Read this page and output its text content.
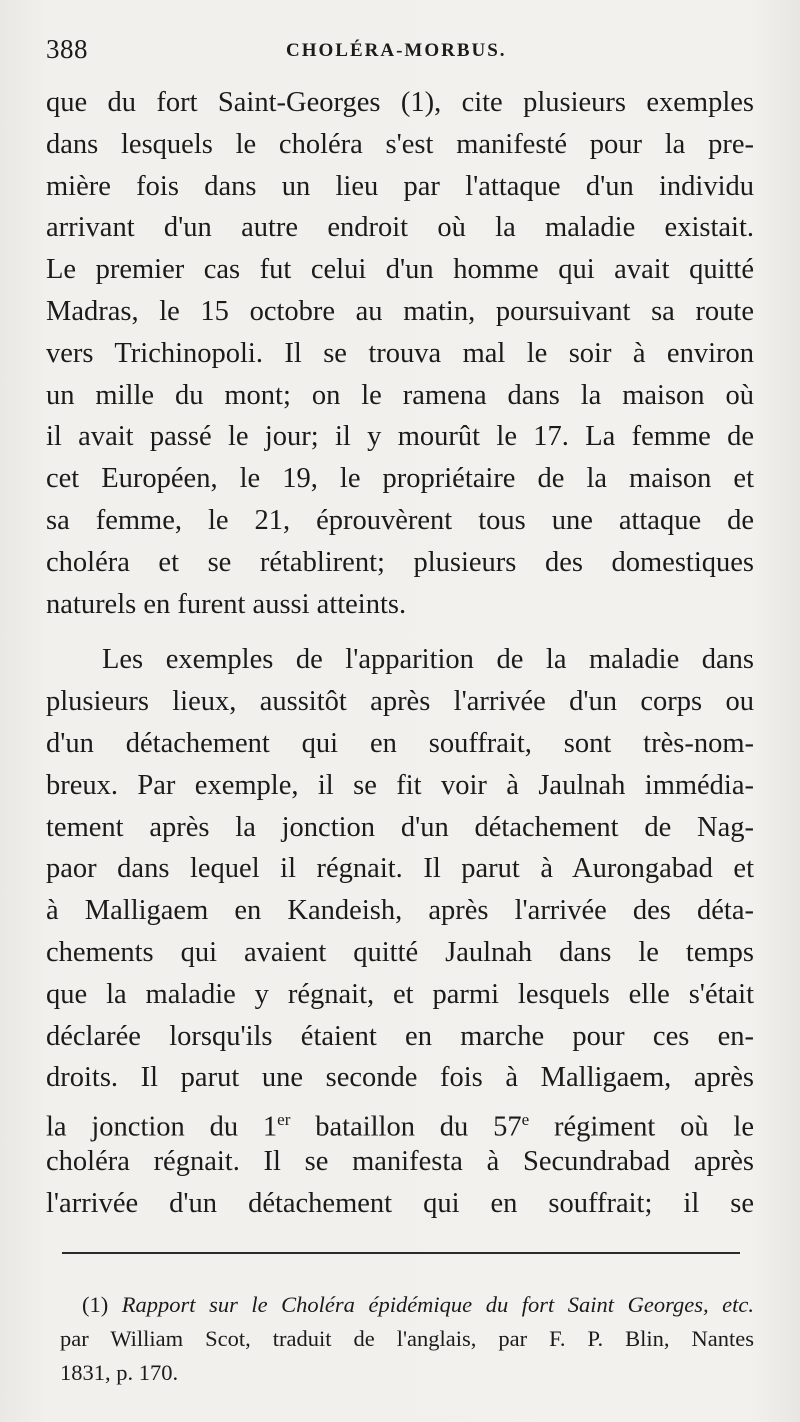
388	CHOLÉRA-MORBUS.
que du fort Saint-Georges (1), cite plusieurs exemples
dans lesquels le choléra s'est manifesté pour la pre-
mière fois dans un lieu par l'attaque d'un individu
arrivant d'un autre endroit où la maladie existait.
Le premier cas fut celui d'un homme qui avait quitté
Madras, le 15 octobre au matin, poursuivant sa route
vers Trichinopoli. Il se trouva mal le soir à environ
un mille du mont; on le ramena dans la maison où
il avait passé le jour; il y mourût le 17. La femme de
cet Européen, le 19, le propriétaire de la maison et
sa femme, le 21, éprouvèrent tous une attaque de
choléra et se rétablirent; plusieurs des domestiques
naturels en furent aussi atteints.
Les exemples de l'apparition de la maladie dans
plusieurs lieux, aussitôt après l'arrivée d'un corps ou
d'un détachement qui en souffrait, sont très-nom-
breux. Par exemple, il se fit voir à Jaulnah immédia-
tement après la jonction d'un détachement de Nag-
paor dans lequel il régnait. Il parut à Aurongabad et
à Malligaem en Kandeish, après l'arrivée des déta-
chements qui avaient quitté Jaulnah dans le temps
que la maladie y régnait, et parmi lesquels elle s'était
déclarée lorsqu'ils étaient en marche pour ces en-
droits. Il parut une seconde fois à Malligaem, après
la jonction du 1er bataillon du 57e régiment où le
choléra régnait. Il se manifesta à Secundrabad après
l'arrivée d'un détachement qui en souffrait; il se
(1) Rapport sur le Choléra épidémique du fort Saint Georges, etc.
par William Scot, traduit de l'anglais, par F. P. Blin, Nantes
1831, p. 170.
